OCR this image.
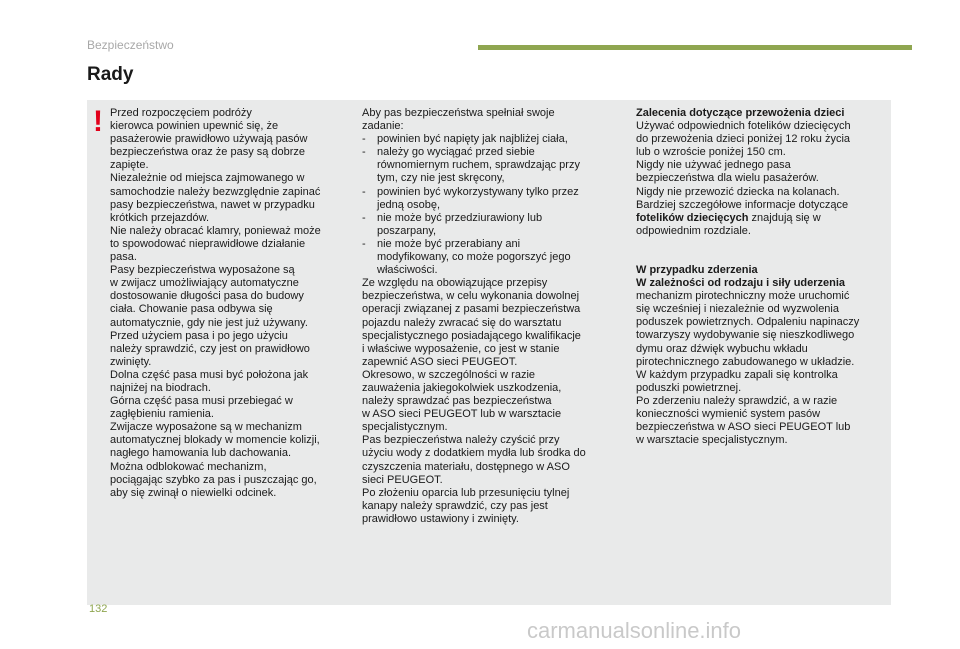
Bezpieczeństwo
Rady
! Przed rozpoczęciem podróży
kierowca powinien upewnić się, że
pasażerowie prawidłowo używają pasów
bezpieczeństwa oraz że pasy są dobrze
zapięte.
Niezależnie od miejsca zajmowanego w
samochodzie należy bezwzględnie zapinać
pasy bezpieczeństwa, nawet w przypadku
krótkich przejazdów.
Nie należy obracać klamry, ponieważ może
to spowodować nieprawidłowe działanie
pasa.
Pasy bezpieczeństwa wyposażone są
w zwijacz umożliwiający automatyczne
dostosowanie długości pasa do budowy
ciała. Chowanie pasa odbywa się
automatycznie, gdy nie jest już używany.
Przed użyciem pasa i po jego użyciu
należy sprawdzić, czy jest on prawidłowo
zwinięty.
Dolna część pasa musi być położona jak
najniżej na biodrach.
Górna część pasa musi przebiegać w
zagłębieniu ramienia.
Zwijacze wyposażone są w mechanizm
automatycznej blokady w momencie kolizji,
nagłego hamowania lub dachowania.
Można odblokować mechanizm,
pociągając szybko za pas i puszczając go,
aby się zwinął o niewielki odcinek.
Aby pas bezpieczeństwa spełniał swoje
zadanie:
- powinien być napięty jak najbliżej ciała,
- należy go wyciągać przed siebie
równomiernym ruchem, sprawdzając przy
tym, czy nie jest skręcony,
- powinien być wykorzystywany tylko przez
jedną osobę,
- nie może być przedziurawiony lub
poszarpany,
- nie może być przerabiany ani
modyfikowany, co może pogorszyć jego
właściwości.
Ze względu na obowiązujące przepisy
bezpieczeństwa, w celu wykonania dowolnej
operacji związanej z pasami bezpieczeństwa
pojazdu należy zwracać się do warsztatu
specjalistycznego posiadającego kwalifikacje
i właściwe wyposażenie, co jest w stanie
zapewnić ASO sieci PEUGEOT.
Okresowo, w szczególności w razie
zauważenia jakiegokolwiek uszkodzenia,
należy sprawdzać pas bezpieczeństwa
w ASO sieci PEUGEOT lub w warsztacie
specjalistycznym.
Pas bezpieczeństwa należy czyścić przy
użyciu wody z dodatkiem mydła lub środka do
czyszczenia materiału, dostępnego w ASO
sieci PEUGEOT.
Po złożeniu oparcia lub przesunięciu tylnej
kanapy należy sprawdzić, czy pas jest
prawidłowo ustawiony i zwinięty.
Zalecenia dotyczące przewożenia dzieci
Używać odpowiednich fotelików dziecięcych
do przewożenia dzieci poniżej 12 roku życia
lub o wzroście poniżej 150 cm.
Nigdy nie używać jednego pasa
bezpieczeństwa dla wielu pasażerów.
Nigdy nie przewozić dziecka na kolanach.
Bardziej szczegółowe informacje dotyczące
fotelików dziecięcych znajdują się w
odpowiednim rozdziale.
W przypadku zderzenia
W zależności od rodzaju i siły uderzenia
mechanizm pirotechniczny może uruchomić
się wcześniej i niezależnie od wyzwolenia
poduszek powietrznych. Odpaleniu napinaczy
towarzyszy wydobywanie się nieszkodliwego
dymu oraz dźwięk wybuchu wkładu
pirotechnicznego zabudowanego w układzie.
W każdym przypadku zapali się kontrolka
poduszki powietrznej.
Po zderzeniu należy sprawdzić, a w razie
konieczności wymienić system pasów
bezpieczeństwa w ASO sieci PEUGEOT lub
w warsztacie specjalistycznym.
132
carmanualsonline.info
